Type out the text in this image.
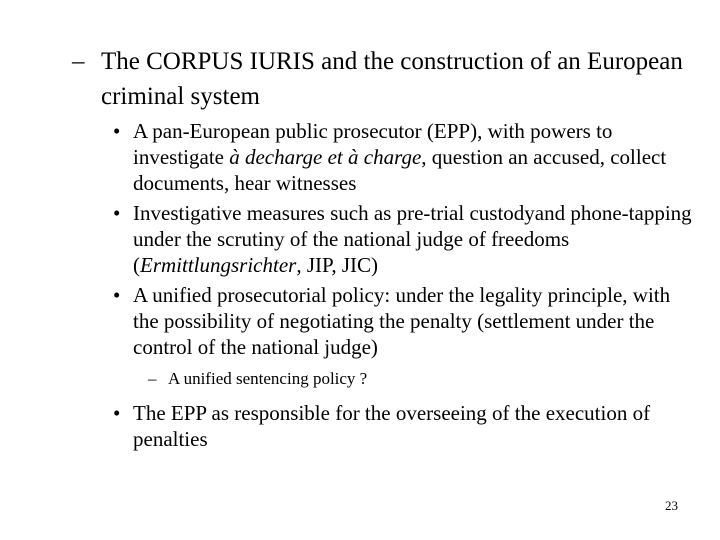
– The CORPUS IURIS and the construction of an European criminal system
• A pan-European public prosecutor (EPP), with powers to investigate à decharge et à charge, question an accused, collect documents, hear witnesses
• Investigative measures such as pre-trial custodyand phone-tapping under the scrutiny of the national judge of freedoms (Ermittlungsrichter, JIP, JIC)
• A unified prosecutorial policy: under the legality principle, with the possibility of negotiating the penalty (settlement under the control of the national judge)
– A unified sentencing policy ?
• The EPP as responsible for the overseeing of the execution of penalties
23
